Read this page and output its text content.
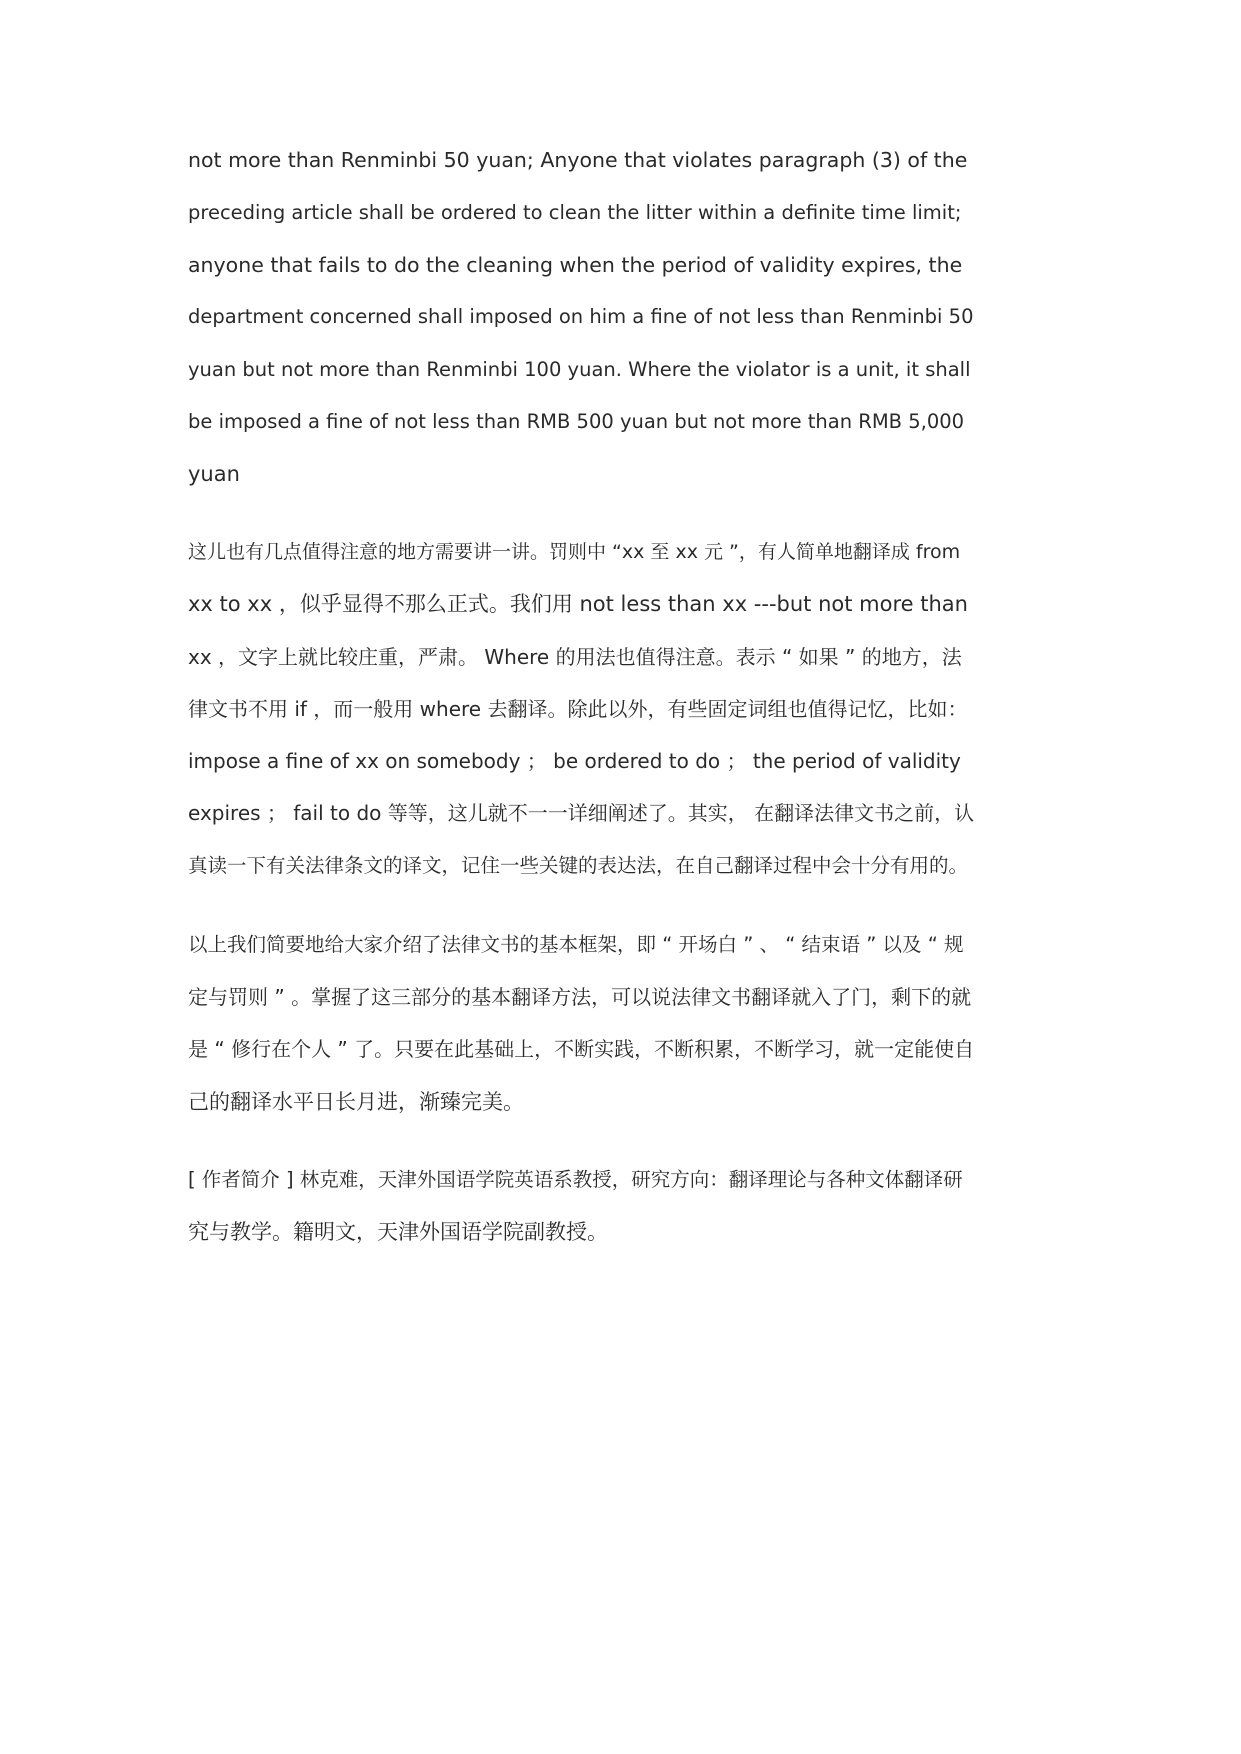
not more than Renminbi 50 yuan; Anyone that violates paragraph (3) of the
preceding article shall be ordered to clean the litter within a definite time limit;
anyone that fails to do the cleaning when the period of validity expires, the
department concerned shall imposed on him a fine of not less than Renminbi 50
yuan but not more than Renminbi 100 yuan. Where the violator is a unit, it shall
be imposed a fine of not less than RMB 500 yuan but not more than RMB 5,000
yuan
这儿也有几点值得注意的地方需要讲一讲。罚则中 “xx 至 xx 元 ”，有人简单地翻译成 from
xx to xx ，似乎显得不那么正式。我们用 not less than xx ---but not more than
xx ，文字上就比较庄重，严肃。 Where 的用法也值得注意。表示 “ 如果 ” 的地方，法
律文书不用 if ，而一般用 where 去翻译。除此以外，有些固定词组也值得记忆，比如：
impose a fine of xx on somebody ； be ordered to do ； the period of validity
expires ； fail to do 等等，这儿就不一一详细阐述了。其实， 在翻译法律文书之前，认
真读一下有关法律条文的译文，记住一些关键的表达法，在自己翻译过程中会十分有用的。
以上我们简要地给大家介绍了法律文书的基本框架，即 “ 开场白 ” 、 “ 结束语 ” 以及 “ 规
定与罚则 ” 。掌握了这三部分的基本翻译方法，可以说法律文书翻译就入了门，剩下的就
是 “ 修行在个人 ” 了。只要在此基础上，不断实践，不断积累，不断学习，就一定能使自
己的翻译水平日长月进，渐臻完美。
[ 作者简介 ] 林克难，天津外国语学院英语系教授，研究方向：翻译理论与各种文体翻译研
究与教学。籍明文，天津外国语学院副教授。
